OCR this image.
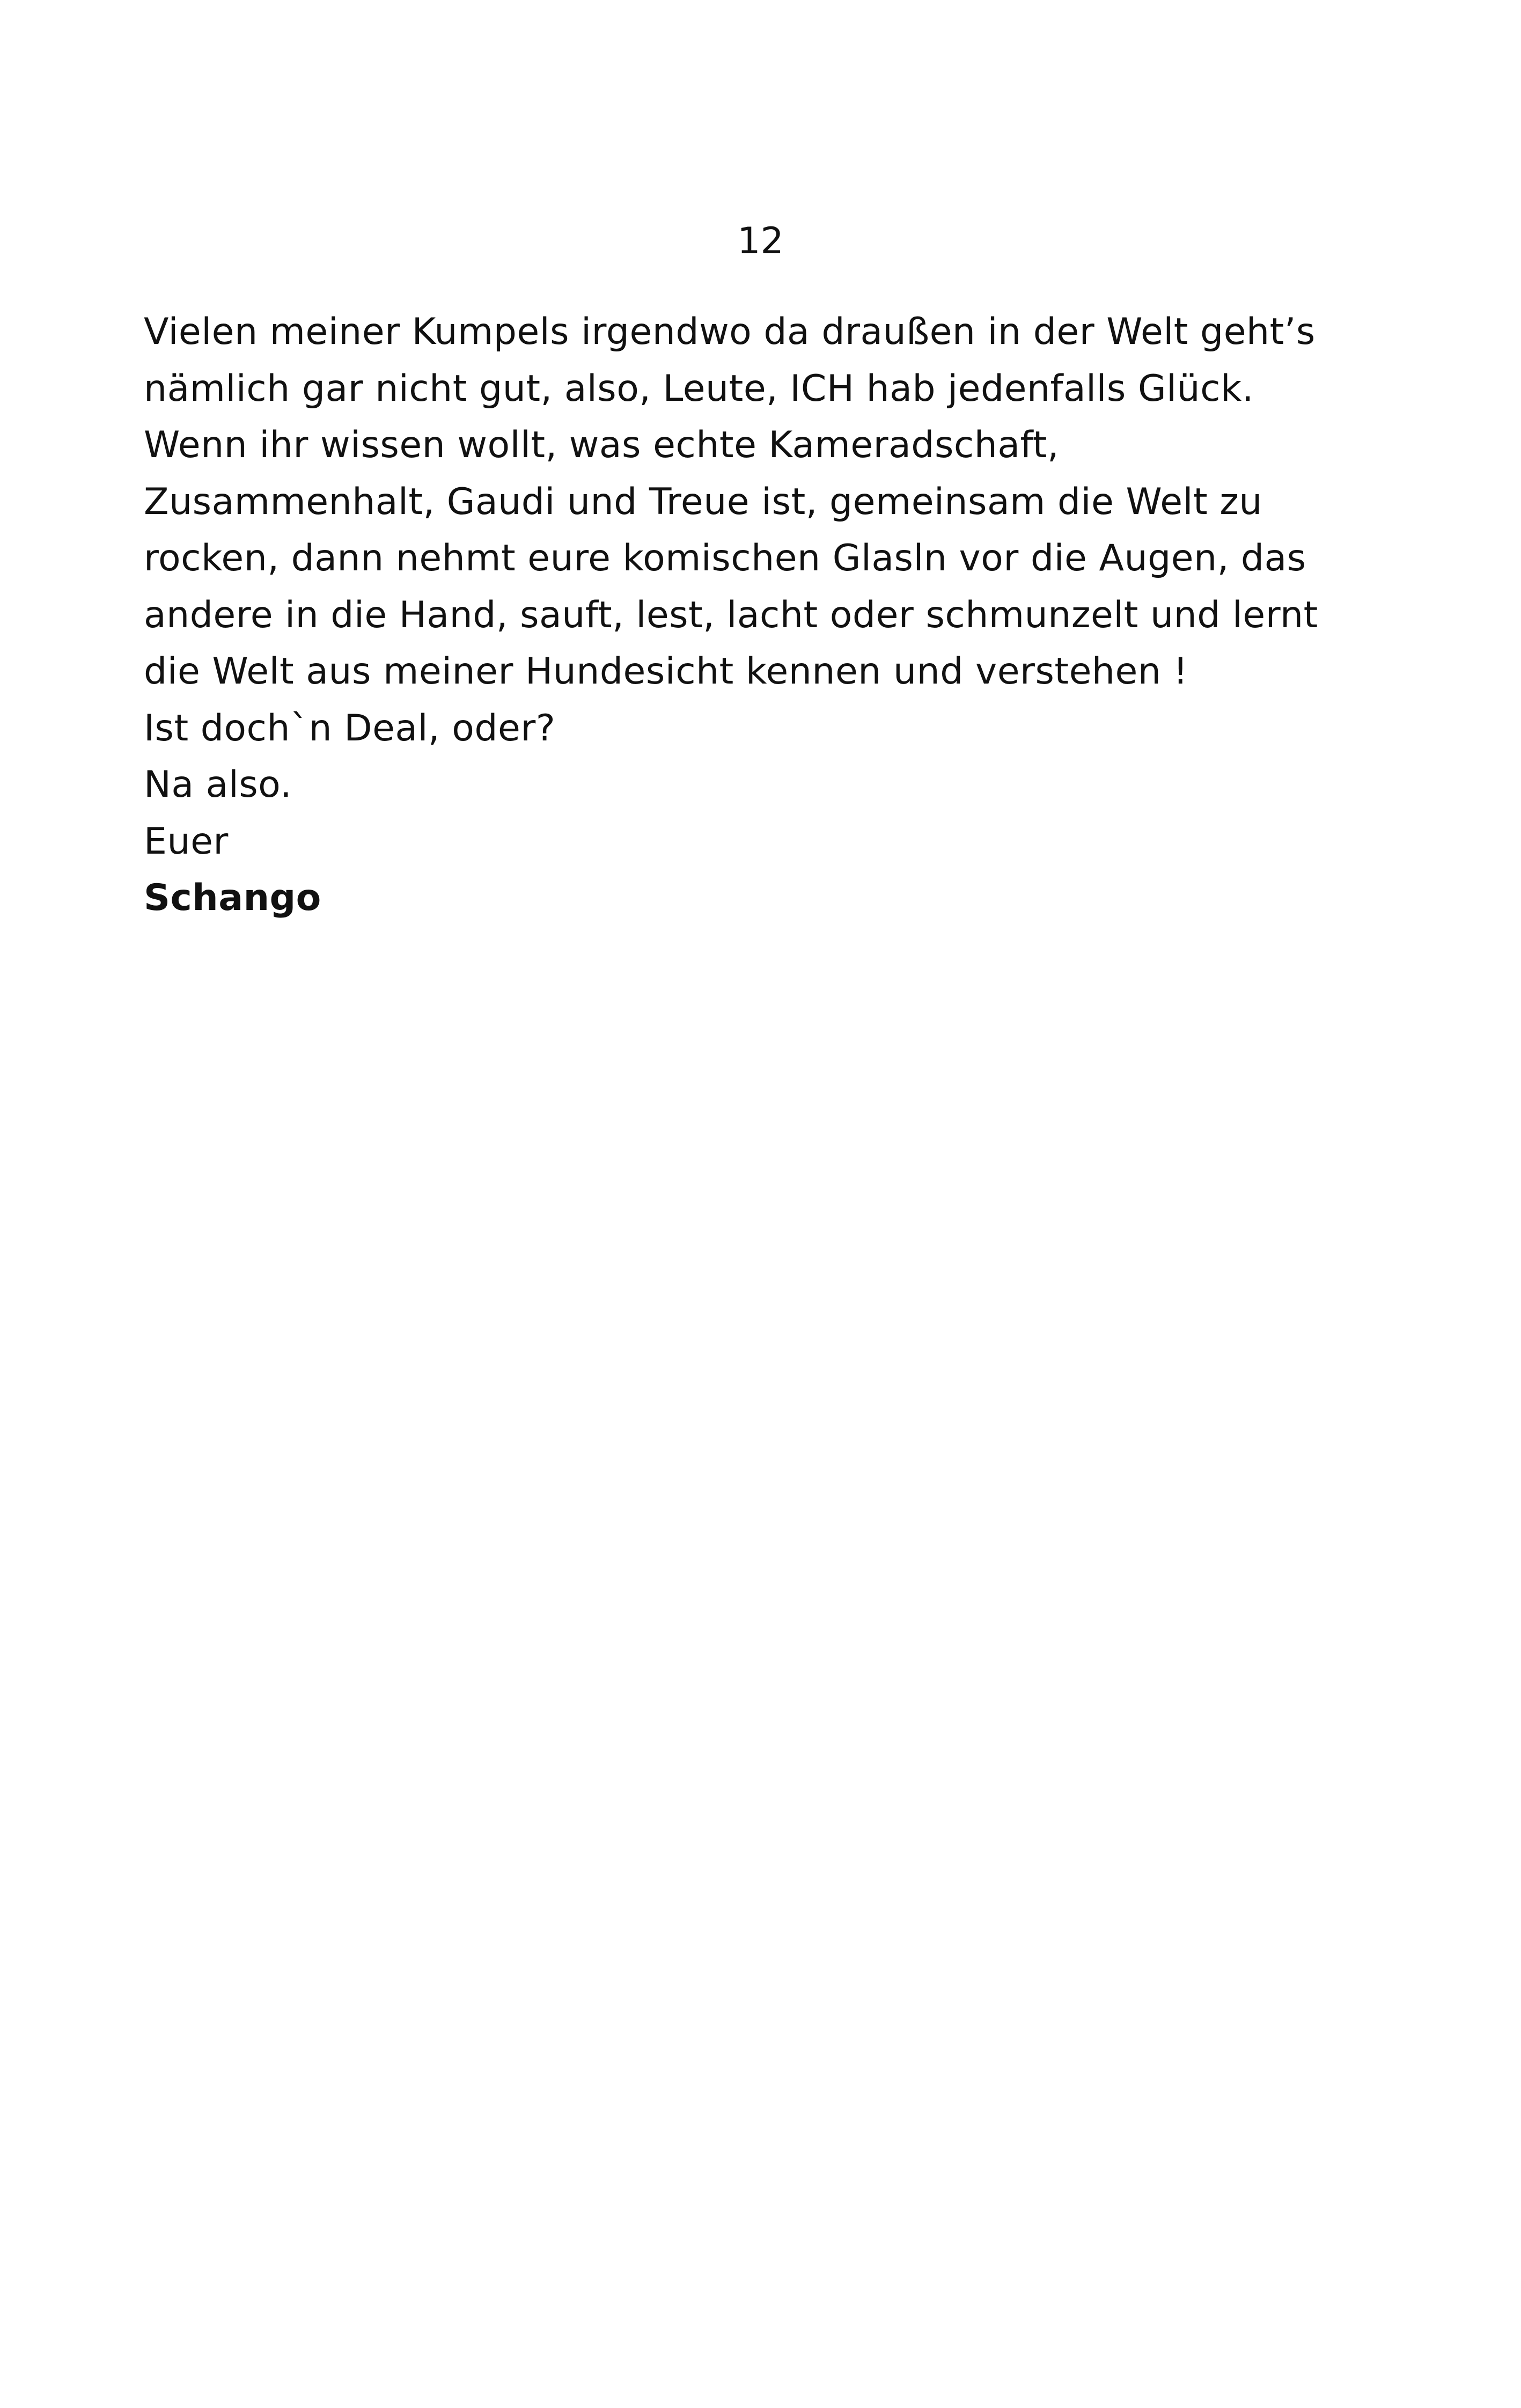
12
Vielen meiner Kumpels irgendwo da draußen in der Welt geht’s
nämlich gar nicht gut, also, Leute, ICH hab jedenfalls Glück.
Wenn ihr wissen wollt, was echte Kameradschaft,
Zusammenhalt, Gaudi und Treue ist, gemeinsam die Welt zu
rocken, dann nehmt eure komischen Glasln vor die Augen, das
andere in die Hand, sauft, lest, lacht oder schmunzelt und lernt
die Welt aus meiner Hundesicht kennen und verstehen !
Ist doch`n Deal, oder?
Na also.
Euer
Schango
